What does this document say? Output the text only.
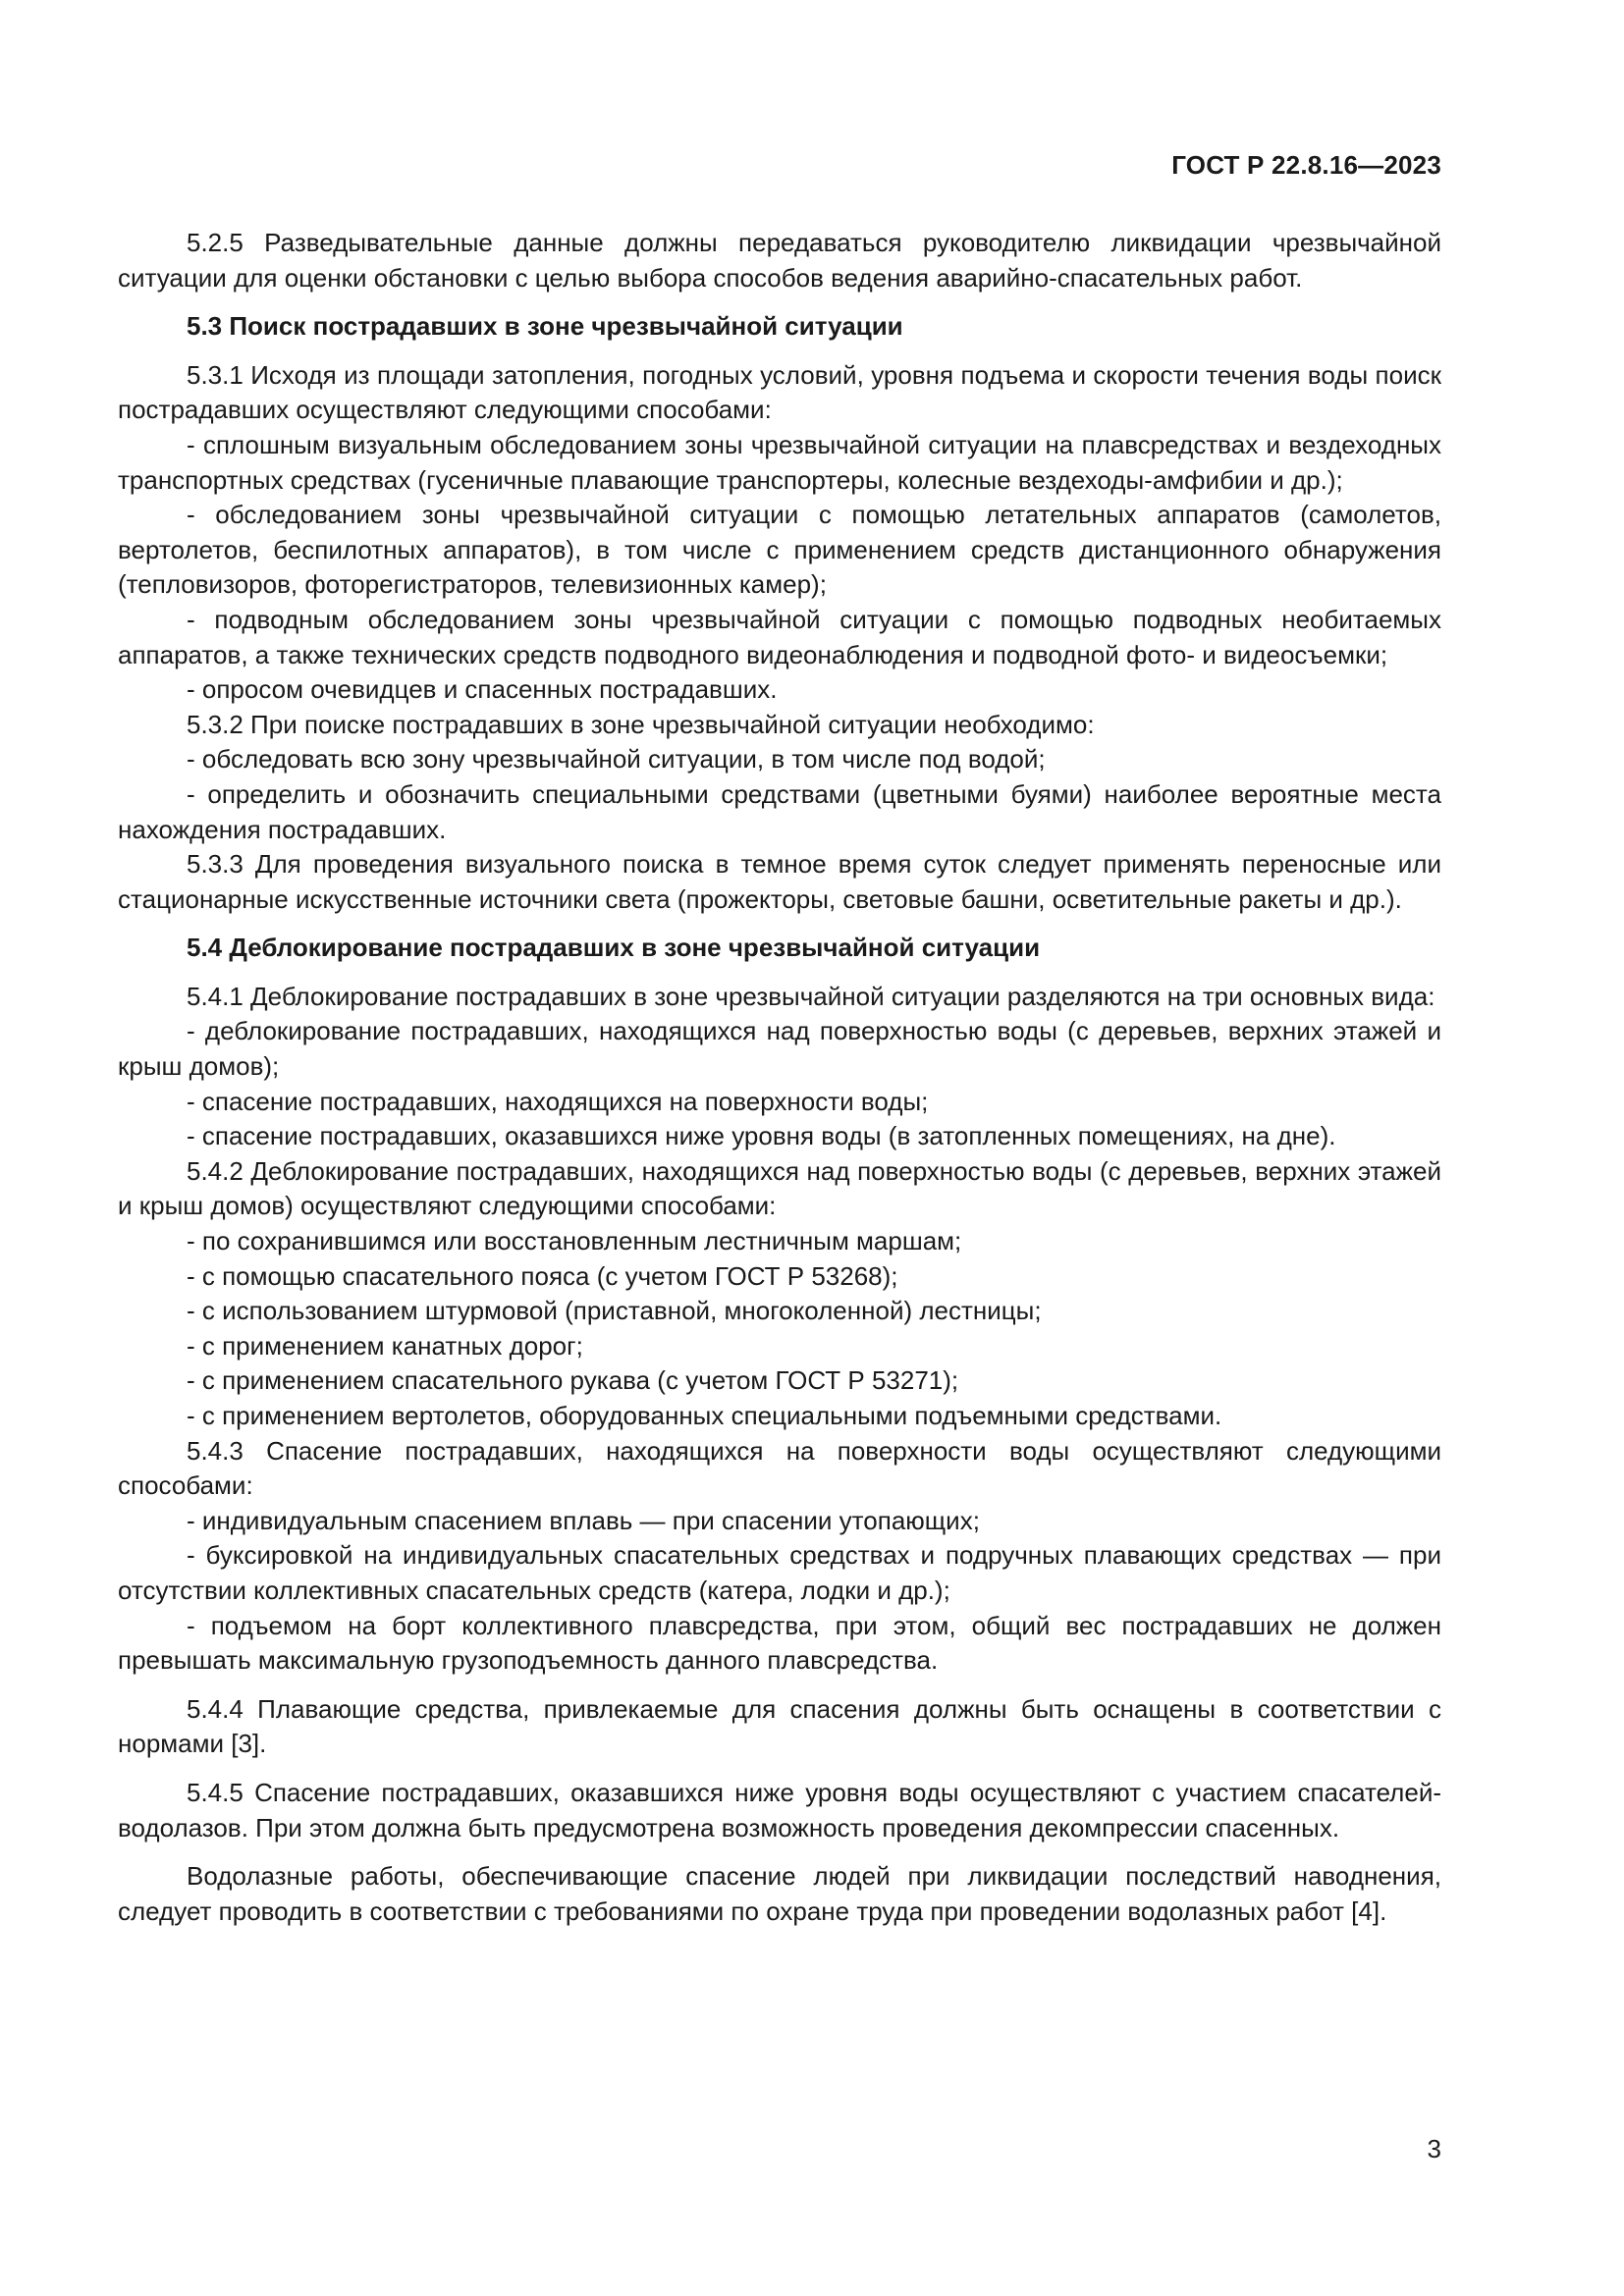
ГОСТ Р 22.8.16—2023

5.2.5 Разведывательные данные должны передаваться руководителю ликвидации чрезвычайной ситуации для оценки обстановки с целью выбора способов ведения аварийно-спасательных работ.

5.3 Поиск пострадавших в зоне чрезвычайной ситуации

5.3.1 Исходя из площади затопления, погодных условий, уровня подъема и скорости течения воды поиск пострадавших осуществляют следующими способами:

- сплошным визуальным обследованием зоны чрезвычайной ситуации на плавсредствах и вездеходных транспортных средствах (гусеничные плавающие транспортеры, колесные вездеходы-амфибии и др.);

- обследованием зоны чрезвычайной ситуации с помощью летательных аппаратов (самолетов, вертолетов, беспилотных аппаратов), в том числе с применением средств дистанционного обнаружения (тепловизоров, фоторегистраторов, телевизионных камер);

- подводным обследованием зоны чрезвычайной ситуации с помощью подводных необитаемых аппаратов, а также технических средств подводного видеонаблюдения и подводной фото- и видеосъемки;

- опросом очевидцев и спасенных пострадавших.

5.3.2 При поиске пострадавших в зоне чрезвычайной ситуации необходимо:

- обследовать всю зону чрезвычайной ситуации, в том числе под водой;

- определить и обозначить специальными средствами (цветными буями) наиболее вероятные места нахождения пострадавших.

5.3.3 Для проведения визуального поиска в темное время суток следует применять переносные или стационарные искусственные источники света (прожекторы, световые башни, осветительные ракеты и др.).

5.4 Деблокирование пострадавших в зоне чрезвычайной ситуации

5.4.1 Деблокирование пострадавших в зоне чрезвычайной ситуации разделяются на три основных вида:

- деблокирование пострадавших, находящихся над поверхностью воды (с деревьев, верхних этажей и крыш домов);

- спасение пострадавших, находящихся на поверхности воды;

- спасение пострадавших, оказавшихся ниже уровня воды (в затопленных помещениях, на дне).

5.4.2 Деблокирование пострадавших, находящихся над поверхностью воды (с деревьев, верхних этажей и крыш домов) осуществляют следующими способами:

- по сохранившимся или восстановленным лестничным маршам;

- с помощью спасательного пояса (с учетом ГОСТ Р 53268);

- с использованием штурмовой (приставной, многоколенной) лестницы;

- с применением канатных дорог;

- с применением спасательного рукава (с учетом ГОСТ Р 53271);

- с применением вертолетов, оборудованных специальными подъемными средствами.

5.4.3 Спасение пострадавших, находящихся на поверхности воды осуществляют следующими способами:

- индивидуальным спасением вплавь — при спасении утопающих;

- буксировкой на индивидуальных спасательных средствах и подручных плавающих средствах — при отсутствии коллективных спасательных средств (катера, лодки и др.);

- подъемом на борт коллективного плавсредства, при этом, общий вес пострадавших не должен превышать максимальную грузоподъемность данного плавсредства.

5.4.4 Плавающие средства, привлекаемые для спасения должны быть оснащены в соответствии с нормами [3].

5.4.5 Спасение пострадавших, оказавшихся ниже уровня воды осуществляют с участием спасателей-водолазов. При этом должна быть предусмотрена возможность проведения декомпрессии спасенных.

Водолазные работы, обеспечивающие спасение людей при ликвидации последствий наводнения, следует проводить в соответствии с требованиями по охране труда при проведении водолазных работ [4].

3
